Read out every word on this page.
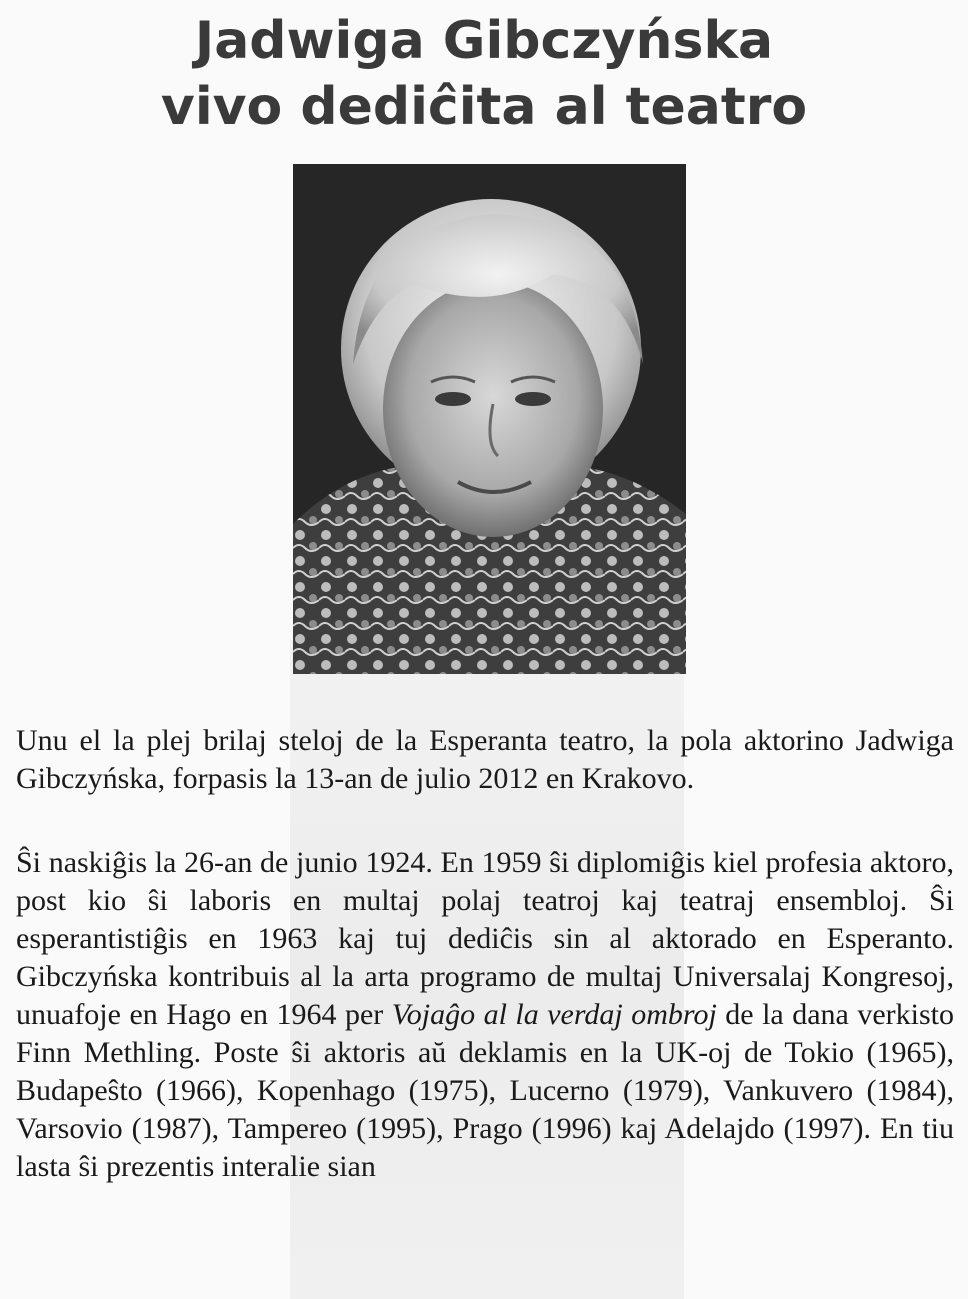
Jadwiga Gibczyńska
vivo dediĉita al teatro

Unu el la plej brilaj steloj de la Esperanta teatro, la pola aktorino Jadwiga Gibczyńska, forpasis la 13-an de julio 2012 en Krakovo.

Ŝi naskiĝis la 26-an de junio 1924. En 1959 ŝi diplomiĝis kiel profesia aktoro, post kio ŝi laboris en multaj polaj teatroj kaj teatraj ensembloj. Ŝi esperantistiĝis en 1963 kaj tuj dediĉis sin al aktorado en Esperanto. Gibczyńska kontribuis al la arta programo de multaj Universalaj Kongresoj, unuafoje en Hago en 1964 per Vojaĝo al la verdaj ombroj de la dana verkisto Finn Methling. Poste ŝi aktoris aŭ deklamis en la UK-oj de Tokio (1965), Budapeŝto (1966), Kopenhago (1975), Lucerno (1979), Vankuvero (1984), Varsovio (1987), Tampereo (1995), Prago (1996) kaj Adelajdo (1997). En tiu lasta ŝi prezentis interalie sian
